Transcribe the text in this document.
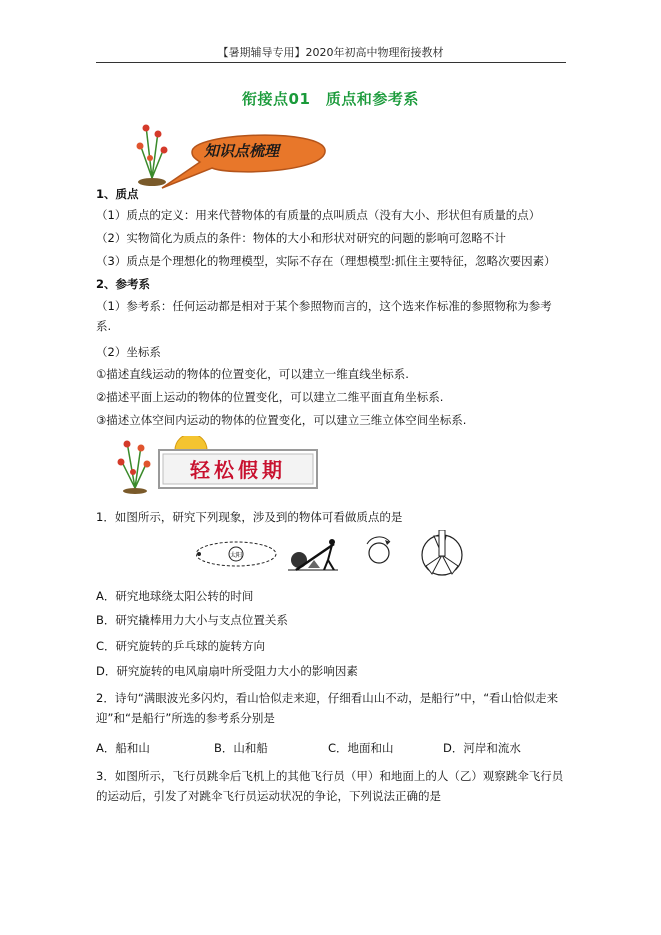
【暑期辅导专用】2020年初高中物理衔接教材
衔接点01　质点和参考系
知识点梳理
1、质点
（1）质点的定义：用来代替物体的有质量的点叫质点（没有大小、形状但有质量的点）
（2）实物简化为质点的条件：物体的大小和形状对研究的问题的影响可忽略不计
（3）质点是个理想化的物理模型，实际不存在（理想模型:抓住主要特征，忽略次要因素）
2、参考系
（1）参考系：任何运动都是相对于某个参照物而言的，这个选来作标准的参照物称为参考系.
（2）坐标系
①描述直线运动的物体的位置变化，可以建立一维直线坐标系.
②描述平面上运动的物体的位置变化，可以建立二维平面直角坐标系.
③描述立体空间内运动的物体的位置变化，可以建立三维立体空间坐标系.
轻松假期
1．如图所示，研究下列现象，涉及到的物体可看做质点的是
太阳
A．研究地球绕太阳公转的时间
B．研究撬棒用力大小与支点位置关系
C．研究旋转的乒乓球的旋转方向
D．研究旋转的电风扇扇叶所受阻力大小的影响因素
2．诗句“满眼波光多闪灼，看山恰似走来迎，仔细看山山不动，是船行”中，“看山恰似走来迎”和“是船行”所选的参考系分别是
A．船和山	B．山和船	C．地面和山	D．河岸和流水
3．如图所示，飞行员跳伞后飞机上的其他飞行员（甲）和地面上的人（乙）观察跳伞飞行员的运动后，引发了对跳伞飞行员运动状况的争论，下列说法正确的是
